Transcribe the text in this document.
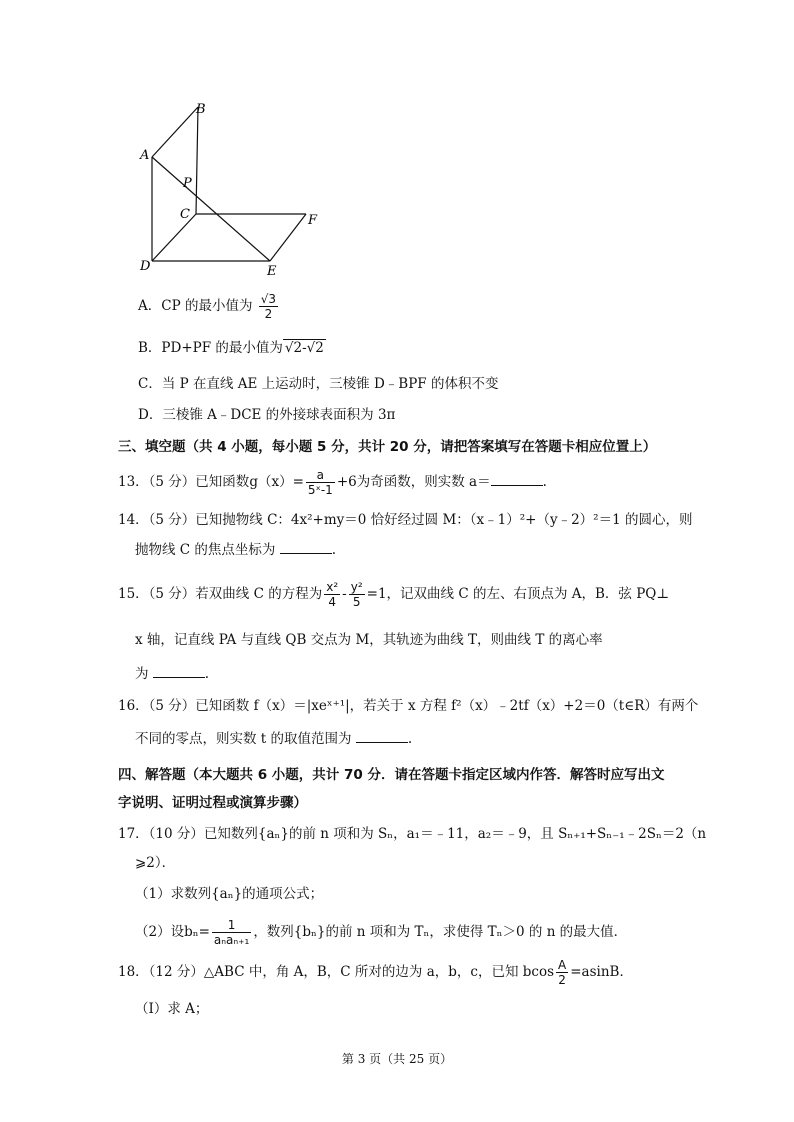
A
B
P
C
D	E
F
A．CP 的最小值为 $\frac{√3}{2}$
B．PD+PF 的最小值为 √2-√2
C．当 P 在直线 AE 上运动时，三棱锥 D﹣BPF 的体积不变
D．三棱锥 A﹣DCE 的外接球表面积为 3π
三、填空题（共 4 小题，每小题 5 分，共计 20 分，请把答案填写在答题卡相应位置上）
13．（5 分）已知函数$g(x)= \frac{a}{\text{5ˣ-1}} +6$为奇函数，则实数 a＝	.
14．（5 分）已知抛物线 C：4x²+my＝0 恰好经过圆 M：（x﹣1）²+（y﹣2）²＝1 的圆心，则
抛物线 C 的焦点坐标为	.
15．（5 分）若双曲线 C 的方程为 $\frac{\text{x²}}{4} - \frac{\text{y²}}{5} =1$，记双曲线 C 的左、右顶点为 A，B．弦 PQ⊥
x 轴，记直线 PA 与直线 QB 交点为 M，其轨迹为曲线 T，则曲线 T 的离心率
为	.
16．（5 分）已知函数 f（x）＝|xeˣ⁺¹|，若关于 x 方程 f²（x）﹣2tf（x）+2＝0（t∈R）有两个
不同的零点，则实数 t 的取值范围为	.
四、解答题（本大题共 6 小题，共计 70 分．请在答题卡指定区域内作答．解答时应写出文
字说明、证明过程或演算步骤）
17．（10 分）已知数列{aₙ}的前 n 项和为 Sₙ，a₁＝﹣11，a₂＝﹣9，且 Sₙ₊₁+Sₙ₋₁﹣2Sₙ＝2（n
⩾2）．
（1）求数列{aₙ}的通项公式；
（2）设$b_n= \frac{1}{\text{aₙaₙ₊₁}}$ ，数列{bₙ}的前 n 项和为 Tₙ，求使得 Tₙ＞0 的 n 的最大值．
18．（12 分）△ABC 中，角 A，B，C 所对的边为 a，b，c，已知 bcos $\frac{A}{2} =asinB$．
（Ⅰ）求 A；
第 3 页（共 25 页）
